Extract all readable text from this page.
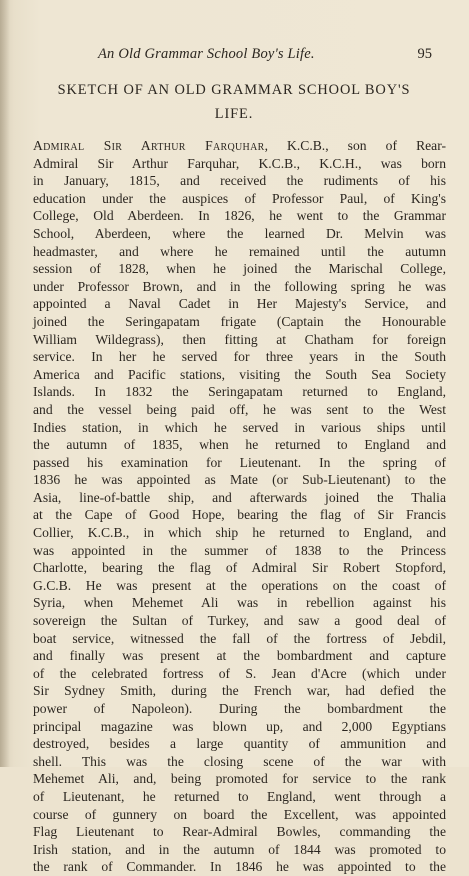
An Old Grammar School Boy's Life.	95
SKETCH OF AN OLD GRAMMAR SCHOOL BOY'S
LIFE.
Admiral Sir Arthur Farquhar, K.C.B., son of Rear-
Admiral Sir Arthur Farquhar, K.C.B., K.C.H., was born
in January, 1815, and received the rudiments of his
education under the auspices of Professor Paul, of King's
College, Old Aberdeen. In 1826, he went to the Grammar
School, Aberdeen, where the learned Dr. Melvin was
headmaster, and where he remained until the autumn
session of 1828, when he joined the Marischal College,
under Professor Brown, and in the following spring he was
appointed a Naval Cadet in Her Majesty's Service, and
joined the Seringapatam frigate (Captain the Honourable
William Wildegrass), then fitting at Chatham for foreign
service. In her he served for three years in the South
America and Pacific stations, visiting the South Sea Society
Islands. In 1832 the Seringapatam returned to England,
and the vessel being paid off, he was sent to the West
Indies station, in which he served in various ships until
the autumn of 1835, when he returned to England and
passed his examination for Lieutenant. In the spring of
1836 he was appointed as Mate (or Sub-Lieutenant) to the
Asia, line-of-battle ship, and afterwards joined the Thalia
at the Cape of Good Hope, bearing the flag of Sir Francis
Collier, K.C.B., in which ship he returned to England, and
was appointed in the summer of 1838 to the Princess
Charlotte, bearing the flag of Admiral Sir Robert Stopford,
G.C.B. He was present at the operations on the coast of
Syria, when Mehemet Ali was in rebellion against his
sovereign the Sultan of Turkey, and saw a good deal of
boat service, witnessed the fall of the fortress of Jebdil,
and finally was present at the bombardment and capture
of the celebrated fortress of S. Jean d'Acre (which under
Sir Sydney Smith, during the French war, had defied the
power of Napoleon). During the bombardment the
principal magazine was blown up, and 2,000 Egyptians
destroyed, besides a large quantity of ammunition and
shell. This was the closing scene of the war with
Mehemet Ali, and, being promoted for service to the rank
of Lieutenant, he returned to England, went through a
course of gunnery on board the Excellent, was appointed
Flag Lieutenant to Rear-Admiral Bowles, commanding the
Irish station, and in the autumn of 1844 was promoted to
the rank of Commander. In 1846 he was appointed to the
